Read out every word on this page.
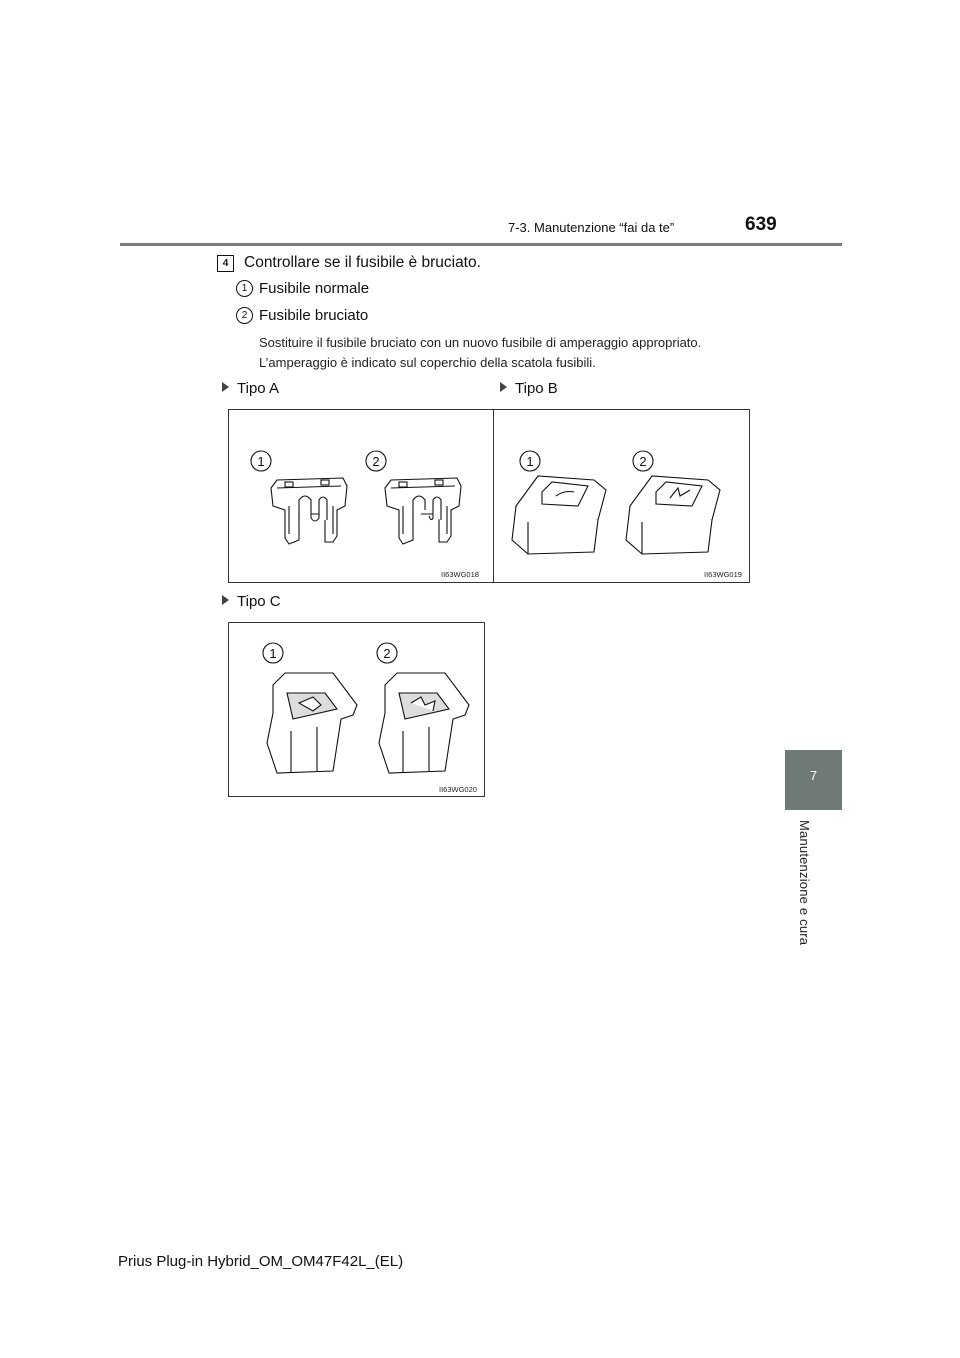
7-3. Manutenzione “fai da te”	639
7
Manutenzione e cura
4	Controllare se il fusibile è bruciato.
1 Fusibile normale
2 Fusibile bruciato
Sostituire il fusibile bruciato con un nuovo fusibile di amperaggio appropriato.
L’amperaggio è indicato sul coperchio della scatola fusibili.
Tipo A	Tipo B
1	2
II63WG018
1	2
II63WG019
Tipo C
1	2
II63WG020
Prius Plug-in Hybrid_OM_OM47F42L_(EL)
